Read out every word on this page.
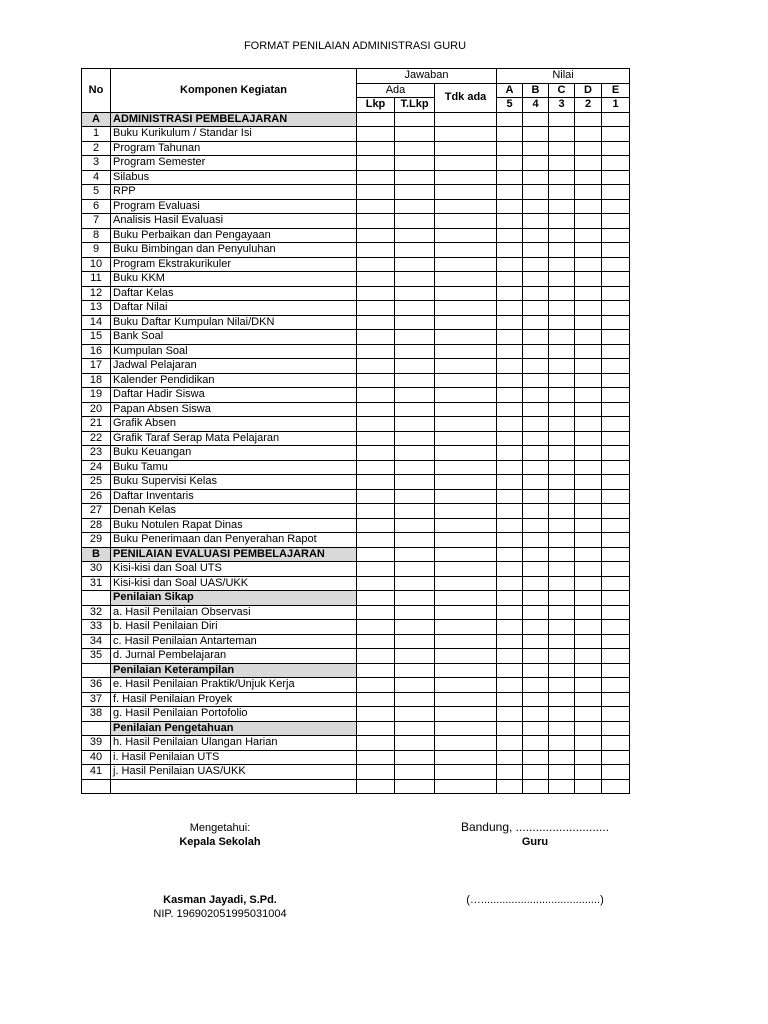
FORMAT PENILAIAN ADMINISTRASI GURU
No	Komponen Kegiatan	Jawaban			Nilai				
		Ada		Tdk ada	A	B	C	D	E
		Lkp	T.Lkp		5	4	3	2	1
A	ADMINISTRASI PEMBELAJARAN								
1	Buku Kurikulum / Standar Isi								
2	Program Tahunan								
3	Program Semester								
4	Silabus								
5	RPP								
6	Program Evaluasi								
7	Analisis Hasil Evaluasi								
8	Buku Perbaikan dan Pengayaan								
9	Buku Bimbingan dan Penyuluhan								
10	Program Ekstrakurikuler								
11	Buku KKM								
12	Daftar Kelas								
13	Daftar Nilai								
14	Buku Daftar Kumpulan Nilai/DKN								
15	Bank Soal								
16	Kumpulan Soal								
17	Jadwal Pelajaran								
18	Kalender Pendidikan								
19	Daftar Hadir Siswa								
20	Papan Absen Siswa								
21	Grafik Absen								
22	Grafik Taraf Serap Mata Pelajaran								
23	Buku Keuangan								
24	Buku Tamu								
25	Buku Supervisi Kelas								
26	Daftar Inventaris								
27	Denah Kelas								
28	Buku Notulen Rapat Dinas								
29	Buku Penerimaan dan Penyerahan Rapot								
B	PENILAIAN EVALUASI PEMBELAJARAN								
30	Kisi-kisi dan Soal UTS								
31	Kisi-kisi dan Soal UAS/UKK								
	Penilaian Sikap								
32	a. Hasil Penilaian Observasi								
33	b. Hasil Penilaian Diri								
34	c. Hasil Penilaian Antarteman								
35	d. Jurnal Pembelajaran								
	Penilaian Keterampilan								
36	e. Hasil Penilaian Praktik/Unjuk Kerja								
37	f. Hasil Penilaian Proyek								
38	g. Hasil Penilaian Portofolio								
	Penilaian Pengetahuan								
39	h. Hasil Penilaian Ulangan Harian								
40	i. Hasil Penilaian UTS								
41	j. Hasil Penilaian UAS/UKK								

Mengetahui:
Kepala Sekolah
Bandung, ............................
Guru
Kasman Jayadi, S.Pd.
NIP. 196902051995031004
(….......................................)
